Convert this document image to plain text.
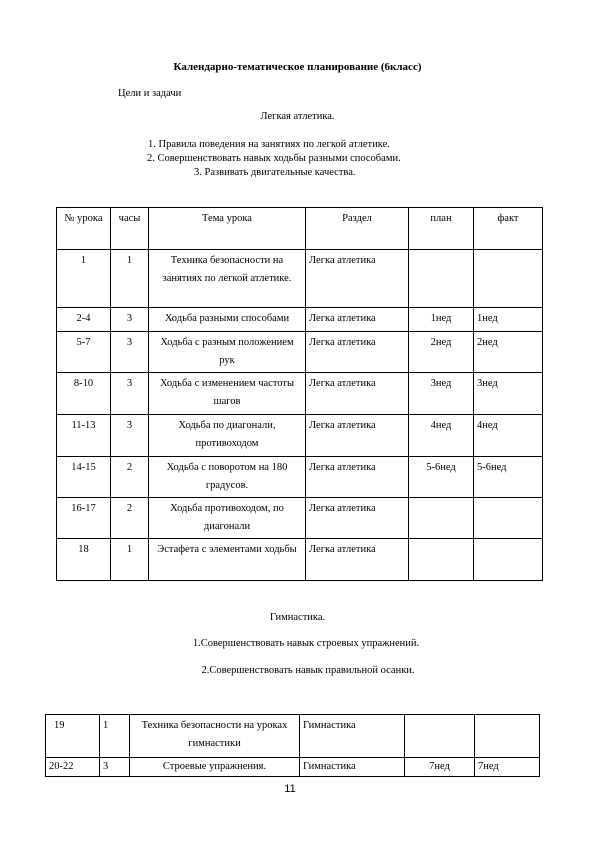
Календарно-тематическое планирование (6класс)
Цели и задачи
Легкая атлетика.
1. Правила поведения на занятиях по легкой атлетике.
2. Совершенствовать навык ходьбы разными способами.
3. Развивать двигательные качества.
№ урока	часы	Тема урока	Раздел	план	факт
1	1	Техника безопасности на занятиях по легкой атлетике.	Легка атлетика		
2-4	3	Ходьба разными способами	Легка атлетика	1нед	1нед
5-7	3	Ходьба с разным положением рук	Легка атлетика	2нед	2нед
8-10	3	Ходьба с изменением частоты шагов	Легка атлетика	3нед	3нед
11-13	3	Ходьба по диагонали, противоходом	Легка атлетика	4нед	4нед
14-15	2	Ходьба с поворотом на 180 градусов.	Легка атлетика	5-6нед	5-6нед
16-17	2	Ходьба противоходом, по диагонали	Легка атлетика		
18	1	Эстафета с элементами ходьбы	Легка атлетика		
Гимнастика.
1.Совершенствовать навык строевых упражнений.
2.Совершенствовать навык правильной осанки.
19	1	Техника безопасности на уроках гимнастики	Гимнастика		
20-22	3	Строевые упражнения.	Гимнастика	7нед	7нед
11
